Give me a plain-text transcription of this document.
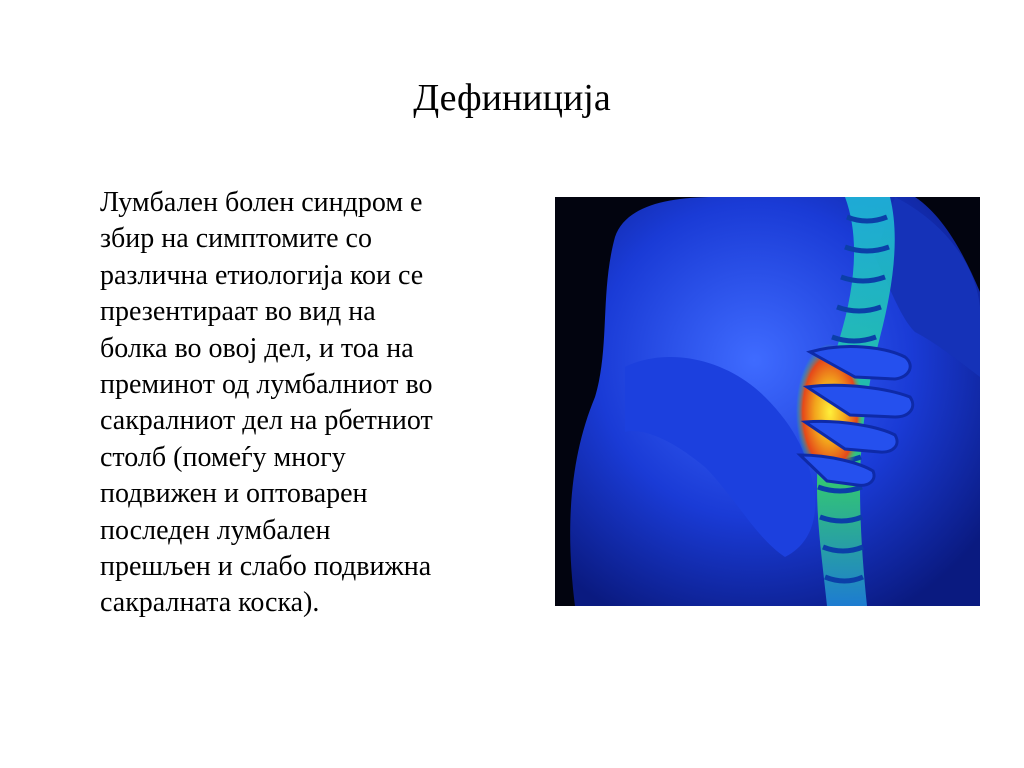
Дефиниција

Лумбален болен синдром е
збир на симптомите со
различна етиологија кои се
презентираат во вид на
болка во овој дел, и тоа на
преминот од лумбалниот во
сакралниот дел на рбетниот
столб (помеѓу многу
подвижен и оптоварен
последен лумбален
прешљен и слабо подвижна
сакралната коска).
